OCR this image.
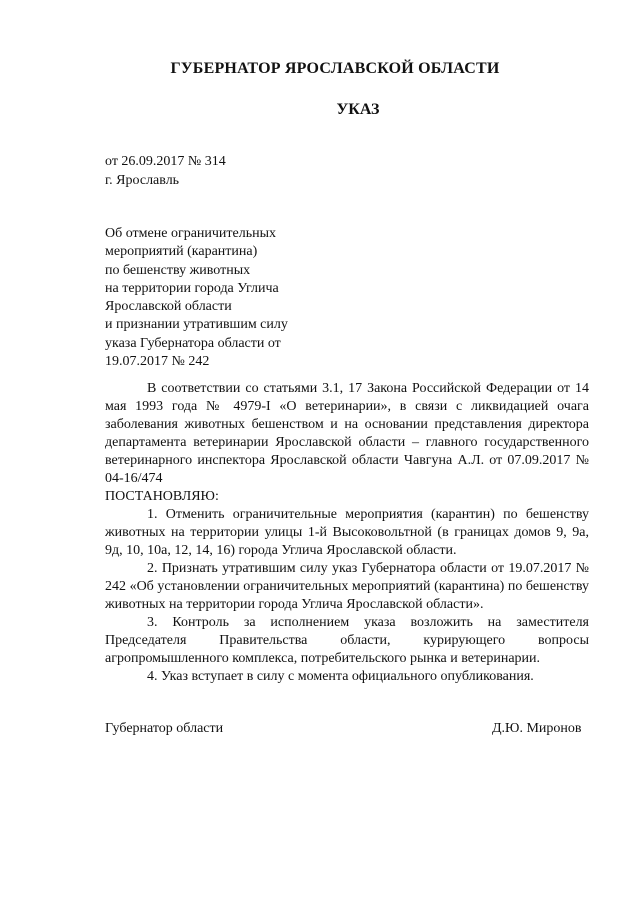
ГУБЕРНАТОР ЯРОСЛАВСКОЙ ОБЛАСТИ
УКАЗ
от 26.09.2017 № 314
г. Ярославль
Об отмене ограничительных
мероприятий (карантина)
по бешенству животных
на территории города Углича
Ярославской области
и признании утратившим силу
указа Губернатора области от
19.07.2017 № 242

В соответствии со статьями 3.1, 17 Закона Российской Федерации от 14 мая 1993 года № 4979-I «О ветеринарии», в связи с ликвидацией очага заболевания животных бешенством и на основании представления директора департамента ветеринарии Ярославской области – главного государственного ветеринарного инспектора Ярославской области Чавгуна А.Л. от 07.09.2017 № 04-16/474

ПОСТАНОВЛЯЮ:

1. Отменить ограничительные мероприятия (карантин) по бешенству животных на территории улицы 1-й Высоковольтной (в границах домов 9, 9а, 9д, 10, 10а, 12, 14, 16) города Углича Ярославской области.

2. Признать утратившим силу указ Губернатора области от 19.07.2017 № 242 «Об установлении ограничительных мероприятий (карантина) по бешенству животных на территории города Углича Ярославской области».

3. Контроль за исполнением указа возложить на заместителя Председателя Правительства области, курирующего вопросы агропромышленного комплекса, потребительского рынка и ветеринарии.

4. Указ вступает в силу с момента официального опубликования.

Губернатор области	Д.Ю. Миронов
